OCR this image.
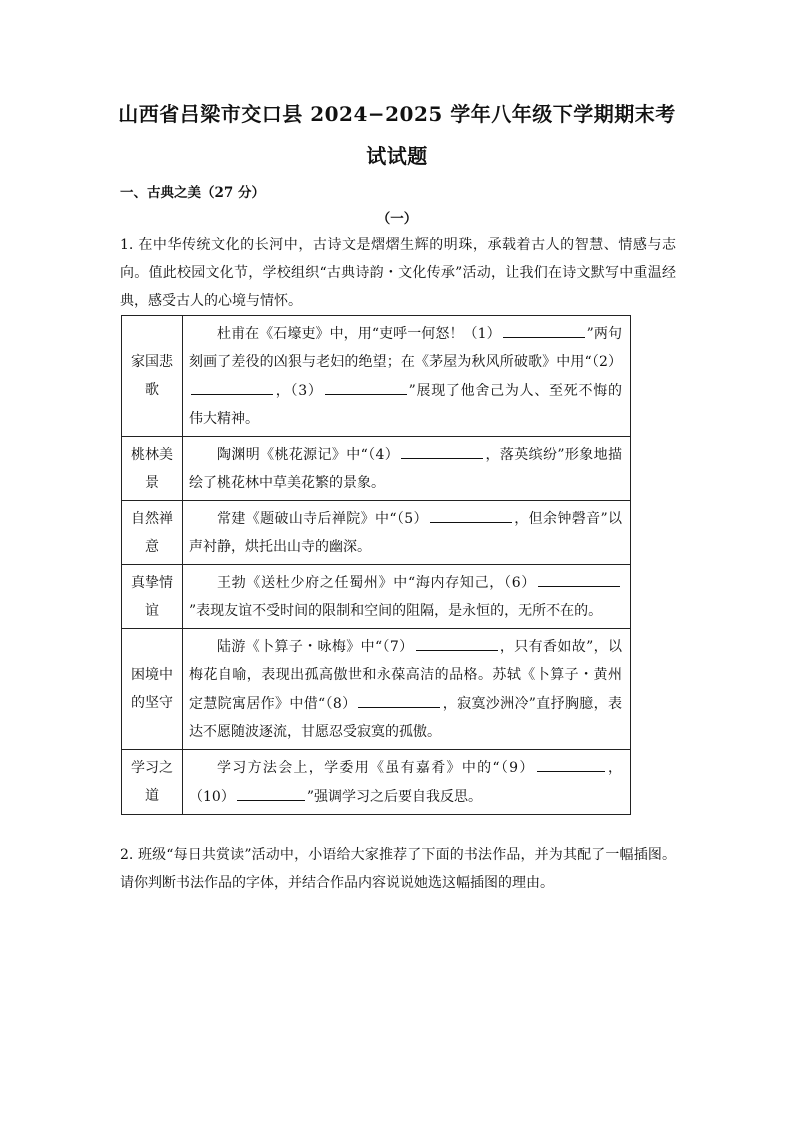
山西省吕梁市交口县 2024−2025 学年八年级下学期期末考
试试题
一、古典之美（27 分）
（一）
1. 在中华传统文化的长河中，古诗文是熠熠生辉的明珠，承载着古人的智慧、情感与志向。值此校园文化节，学校组织“古典诗韵・文化传承”活动，让我们在诗文默写中重温经典，感受古人的心境与情怀。
家国悲歌	杜甫在《石壕吏》中，用“吏呼一何怒！（1） ”两句刻画了差役的凶狠与老妇的绝望；在《茅屋为秋风所破歌》中用“（2），（3） ”展现了他舍己为人、至死不悔的伟大精神。
桃林美景	陶渊明《桃花源记》中“（4） ，落英缤纷”形象地描绘了桃花林中草美花繁的景象。
自然禅意	常建《题破山寺后禅院》中“（5） ，但余钟磬音”以声衬静，烘托出山寺的幽深。
真挚情谊	王勃《送杜少府之任蜀州》中“海内存知己，（6）”表现友谊不受时间的限制和空间的阻隔，是永恒的，无所不在的。
困境中的坚守	陆游《卜算子・咏梅》中“（7） ，只有香如故”，以梅花自喻，表现出孤高傲世和永葆高洁的品格。苏轼《卜算子・黄州定慧院寓居作》中借“（8） ，寂寞沙洲冷”直抒胸臆，表达不愿随波逐流，甘愿忍受寂寞的孤傲。
学习之道	学习方法会上，学委用《虽有嘉肴》中的“（9） ，（10） ”强调学习之后要自我反思。
2. 班级“每日共赏读”活动中，小语给大家推荐了下面的书法作品，并为其配了一幅插图。请你判断书法作品的字体，并结合作品内容说说她选这幅插图的理由。
